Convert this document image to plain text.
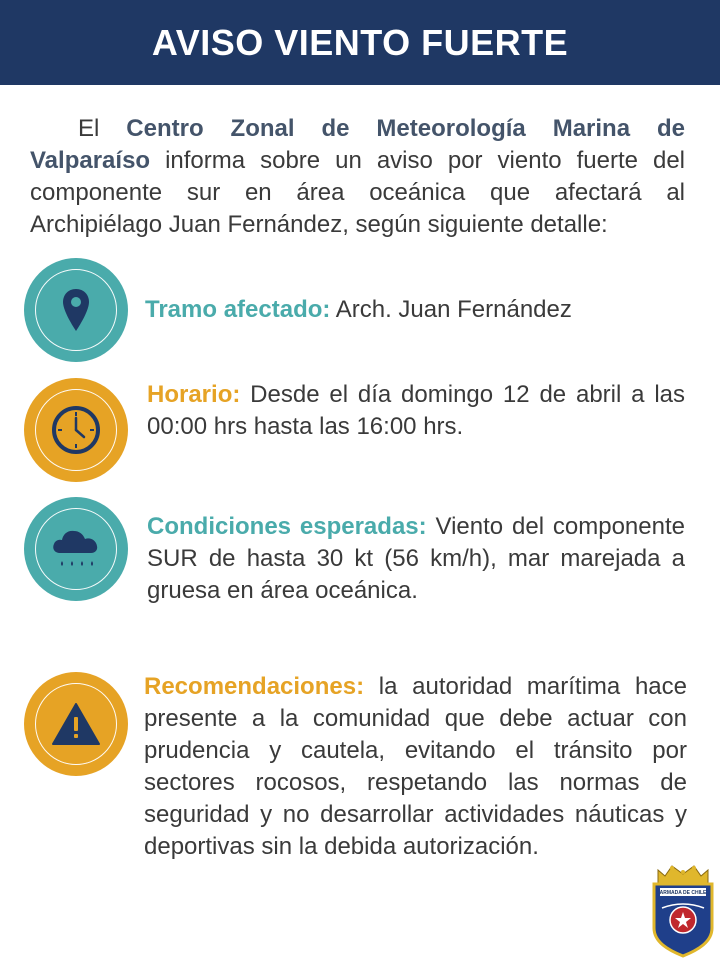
AVISO VIENTO FUERTE

El Centro Zonal de Meteorología Marina de Valparaíso informa sobre un aviso por viento fuerte del componente sur en área oceánica que afectará al Archipiélago Juan Fernández, según siguiente detalle:

Tramo afectado: Arch. Juan Fernández
Horario: Desde el día domingo 12 de abril a las 00:00 hrs hasta las 16:00 hrs.
Condiciones esperadas: Viento del componente SUR de hasta 30 kt (56 km/h), mar marejada a gruesa en área oceánica.
Recomendaciones: la autoridad marítima hace presente a la comunidad que debe actuar con prudencia y cautela, evitando el tránsito por sectores rocosos, respetando las normas de seguridad y no desarrollar actividades náuticas y deportivas sin la debida autorización.
ARMADA DE CHILE
